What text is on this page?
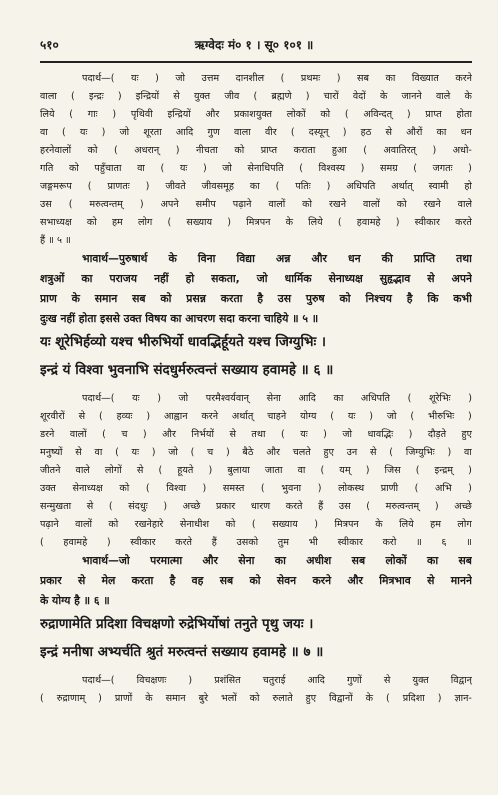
५१०	ऋग्वेदः मं० १ । सू० १०१ ॥
पदार्थ—( यः ) जो उत्तम दानशील ( प्रथमः ) सब का विख्यात करने
वाला ( इन्द्रः ) इन्द्रियों से युक्त जीव ( ब्रह्मणे ) चारों वेदों के जानने वाले के
लिये ( गाः ) पृथिवी इन्द्रियों और प्रकाशयुक्त लोकों को ( अविन्दत् ) प्राप्त होता
वा ( यः ) जो शूरता आदि गुण वाला वीर ( दस्यून् ) हठ से औरों का धन
हरनेवालों को ( अधरान् ) नीचता को प्राप्त कराता हुआ ( अवातिरत् ) अधो-
गति को पहुँचाता वा ( यः ) जो सेनाधिपति ( विश्वस्य ) समग्र ( जगतः )
जङ्गमरूप ( प्राणतः ) जीवते जीवसमूह का ( पतिः ) अधिपति अर्थात् स्वामी हो
उस ( मरुत्वन्तम् ) अपने समीप पढ़ाने वालों को रखने वालों को रखने वाले
सभाध्यक्ष को हम लोग ( सख्याय ) मित्रपन के लिये ( हवामहे ) स्वीकार करते
हैं ॥ ५ ॥
भावार्थ—पुरुषार्थ के विना विद्या अन्न और धन की प्राप्ति तथा
शत्रुओं का पराजय नहीं हो सकता, जो धार्मिक सेनाध्यक्ष सुहृद्भाव से अपने
प्राण के समान सब को प्रसन्न करता है उस पुरुष को निश्चय है कि कभी
दुःख नहीं होता इससे उक्त विषय का आचरण सदा करना चाहिये ॥ ५ ॥
यः शूरेभिर्हव्यो यश्च भीरुभिर्यो धावद्भिर्हूयते यश्च जिग्युभिः ।
इन्द्रं यं विश्वा भुवनाभि संदधुर्मरुत्वन्तं सख्याय हवामहे ॥ ६ ॥
पदार्थ—( यः ) जो परमैश्वर्यवान् सेना आदि का अधिपति ( शूरेभिः )
शूरवीरों से ( हव्यः ) आह्वान करने अर्थात् चाहने योग्य ( यः ) जो ( भीरुभिः )
डरने वालों ( च ) और निर्भयों से तथा ( यः ) जो धावद्भिः ) दौड़ते हुए
मनुष्यों से वा ( यः ) जो ( च ) बैठे और चलते हुए उन से ( जिग्युभिः ) वा
जीतने वाले लोगों से ( हूयते ) बुलाया जाता वा ( यम् ) जिस ( इन्द्रम् )
उक्त सेनाध्यक्ष को ( विश्वा ) समस्त ( भुवना ) लोकस्थ प्राणी ( अभि )
सन्मुखता से ( संदधुः ) अच्छे प्रकार धारण करते हैं उस ( मरुत्वन्तम् ) अच्छे
पढ़ाने वालों को रखनेहारे सेनाधीश को ( सख्याय ) मित्रपन के लिये हम लोग
( हवामहे ) स्वीकार करते हैं उसको तुम भी स्वीकार करो ॥ ६ ॥
भावार्थ—जो परमात्मा और सेना का अधीश सब लोकों का सब
प्रकार से मेल करता है वह सब को सेवन करने और मित्रभाव से मानने
के योग्य है ॥ ६ ॥
रुद्राणामेति प्रदिशा विचक्षणो रुद्रेभिर्योषां तनुते पृथु जयः ।
इन्द्रं मनीषा अभ्यर्चति श्रुतं मरुत्वन्तं सख्याय हवामहे ॥ ७ ॥
पदार्थ—( विचक्षणः ) प्रशंसित चतुराई आदि गुणों से युक्त विद्वान्
( रुद्राणाम् ) प्राणों के समान बुरे भलों को रुलाते हुए विद्वानों के ( प्रदिशा ) ज्ञान-
